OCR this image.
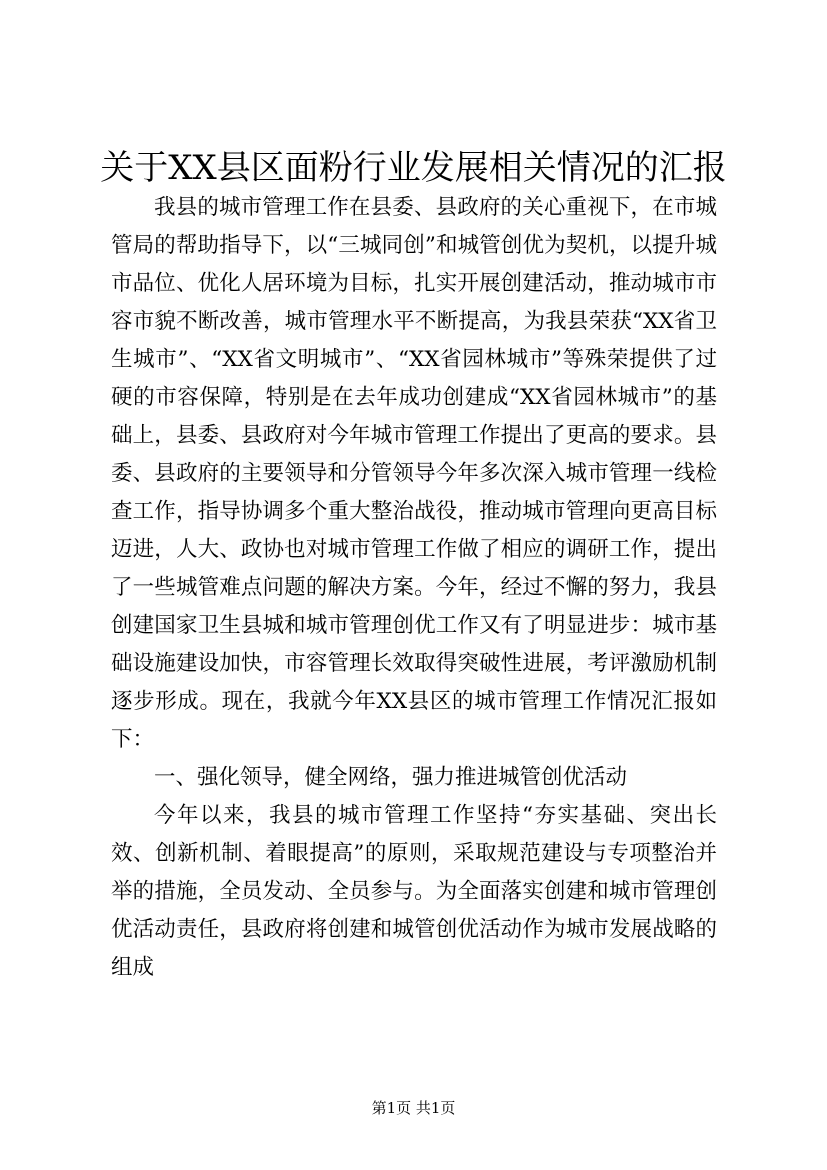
关于XX县区面粉行业发展相关情况的汇报

我县的城市管理工作在县委、县政府的关心重视下，在市城管局的帮助指导下，以“三城同创”和城管创优为契机，以提升城市品位、优化人居环境为目标，扎实开展创建活动，推动城市市容市貌不断改善，城市管理水平不断提高，为我县荣获“XX省卫生城市”、“XX省文明城市”、“XX省园林城市”等殊荣提供了过硬的市容保障，特别是在去年成功创建成“XX省园林城市”的基础上，县委、县政府对今年城市管理工作提出了更高的要求。县委、县政府的主要领导和分管领导今年多次深入城市管理一线检查工作，指导协调多个重大整治战役，推动城市管理向更高目标迈进，人大、政协也对城市管理工作做了相应的调研工作，提出了一些城管难点问题的解决方案。今年，经过不懈的努力，我县创建国家卫生县城和城市管理创优工作又有了明显进步：城市基础设施建设加快，市容管理长效取得突破性进展，考评激励机制逐步形成。现在，我就今年XX县区的城市管理工作情况汇报如下：

一、强化领导，健全网络，强力推进城管创优活动

今年以来，我县的城市管理工作坚持“夯实基础、突出长效、创新机制、着眼提高”的原则，采取规范建设与专项整治并举的措施，全员发动、全员参与。为全面落实创建和城市管理创优活动责任，县政府将创建和城管创优活动作为城市发展战略的组成

第1页 共1页
